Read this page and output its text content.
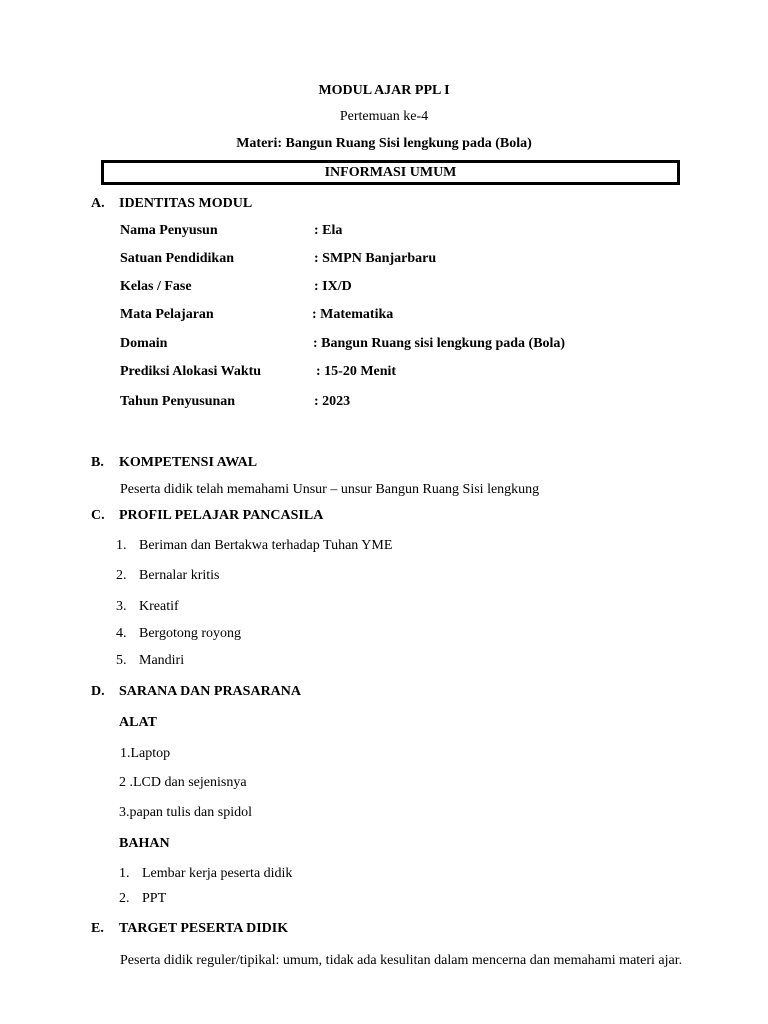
MODUL AJAR PPL I
Pertemuan ke-4
Materi: Bangun Ruang Sisi lengkung pada (Bola)
INFORMASI UMUM
A. IDENTITAS MODUL
Nama Penyusun	: Ela
Satuan Pendidikan	: SMPN Banjarbaru
Kelas / Fase	: IX/D
Mata Pelajaran	: Matematika
Domain	: Bangun Ruang sisi lengkung pada (Bola)
Prediksi Alokasi Waktu	: 15-20 Menit
Tahun Penyusunan	: 2023
B. KOMPETENSI AWAL
Peserta didik telah memahami Unsur – unsur Bangun Ruang Sisi lengkung
C. PROFIL PELAJAR PANCASILA
1. Beriman dan Bertakwa terhadap Tuhan YME
2. Bernalar kritis
3. Kreatif
4. Bergotong royong
5. Mandiri
D. SARANA DAN PRASARANA
ALAT
1.Laptop
2 .LCD dan sejenisnya
3.papan tulis dan spidol
BAHAN
1. Lembar kerja peserta didik
2. PPT
E. TARGET PESERTA DIDIK
Peserta didik reguler/tipikal: umum, tidak ada kesulitan dalam mencerna dan memahami materi ajar.
